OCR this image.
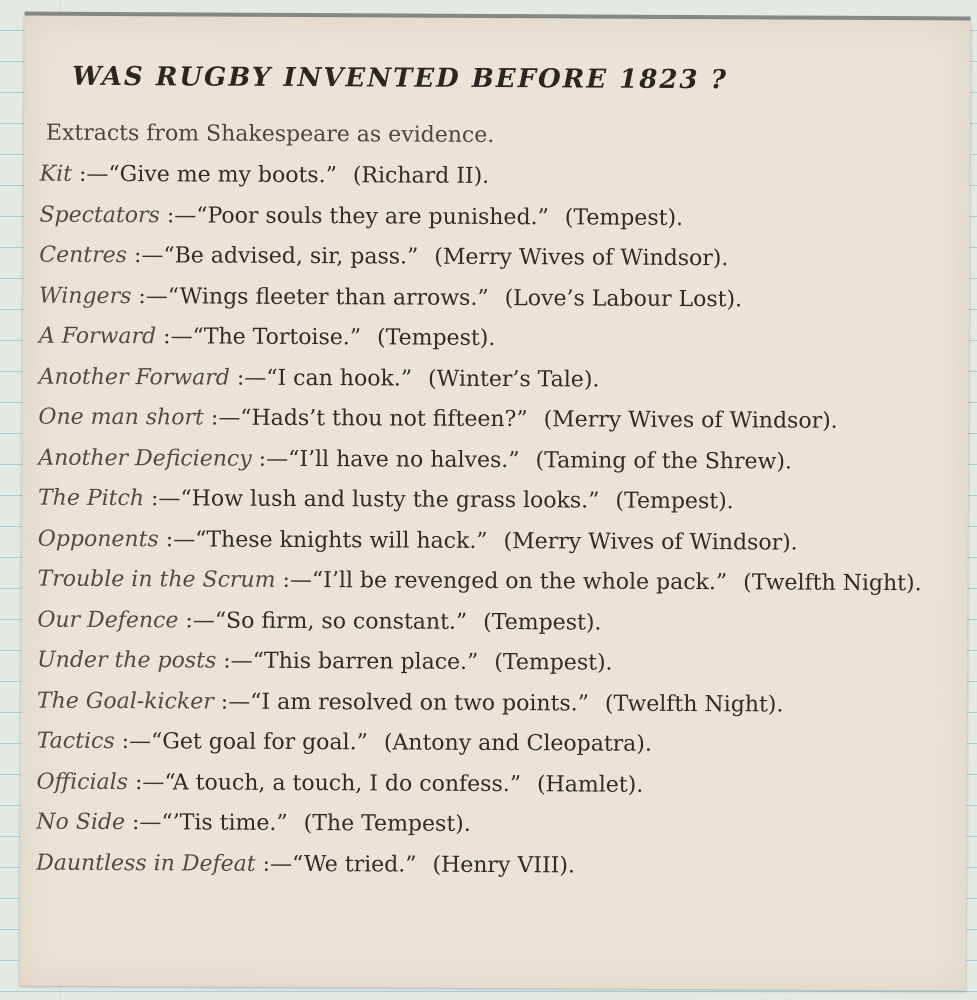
WAS RUGBY INVENTED BEFORE 1823 ?
Extracts from Shakespeare as evidence.
Kit :—“Give me my boots.” (Richard II).
Spectators :—“Poor souls they are punished.” (Tempest).
Centres :—“Be advised, sir, pass.” (Merry Wives of Windsor).
Wingers :—“Wings fleeter than arrows.” (Love’s Labour Lost).
A Forward :—“The Tortoise.” (Tempest).
Another Forward :—“I can hook.” (Winter’s Tale).
One man short :—“Hads’t thou not fifteen?” (Merry Wives of Windsor).
Another Deficiency :—“I’ll have no halves.” (Taming of the Shrew).
The Pitch :—“How lush and lusty the grass looks.” (Tempest).
Opponents :—“These knights will hack.” (Merry Wives of Windsor).
Trouble in the Scrum :—“I’ll be revenged on the whole pack.” (Twelfth Night).
Our Defence :—“So firm, so constant.” (Tempest).
Under the posts :—“This barren place.” (Tempest).
The Goal-kicker :—“I am resolved on two points.” (Twelfth Night).
Tactics :—“Get goal for goal.” (Antony and Cleopatra).
Officials :—“A touch, a touch, I do confess.” (Hamlet).
No Side :—“’Tis time.” (The Tempest).
Dauntless in Defeat :—“We tried.” (Henry VIII).
